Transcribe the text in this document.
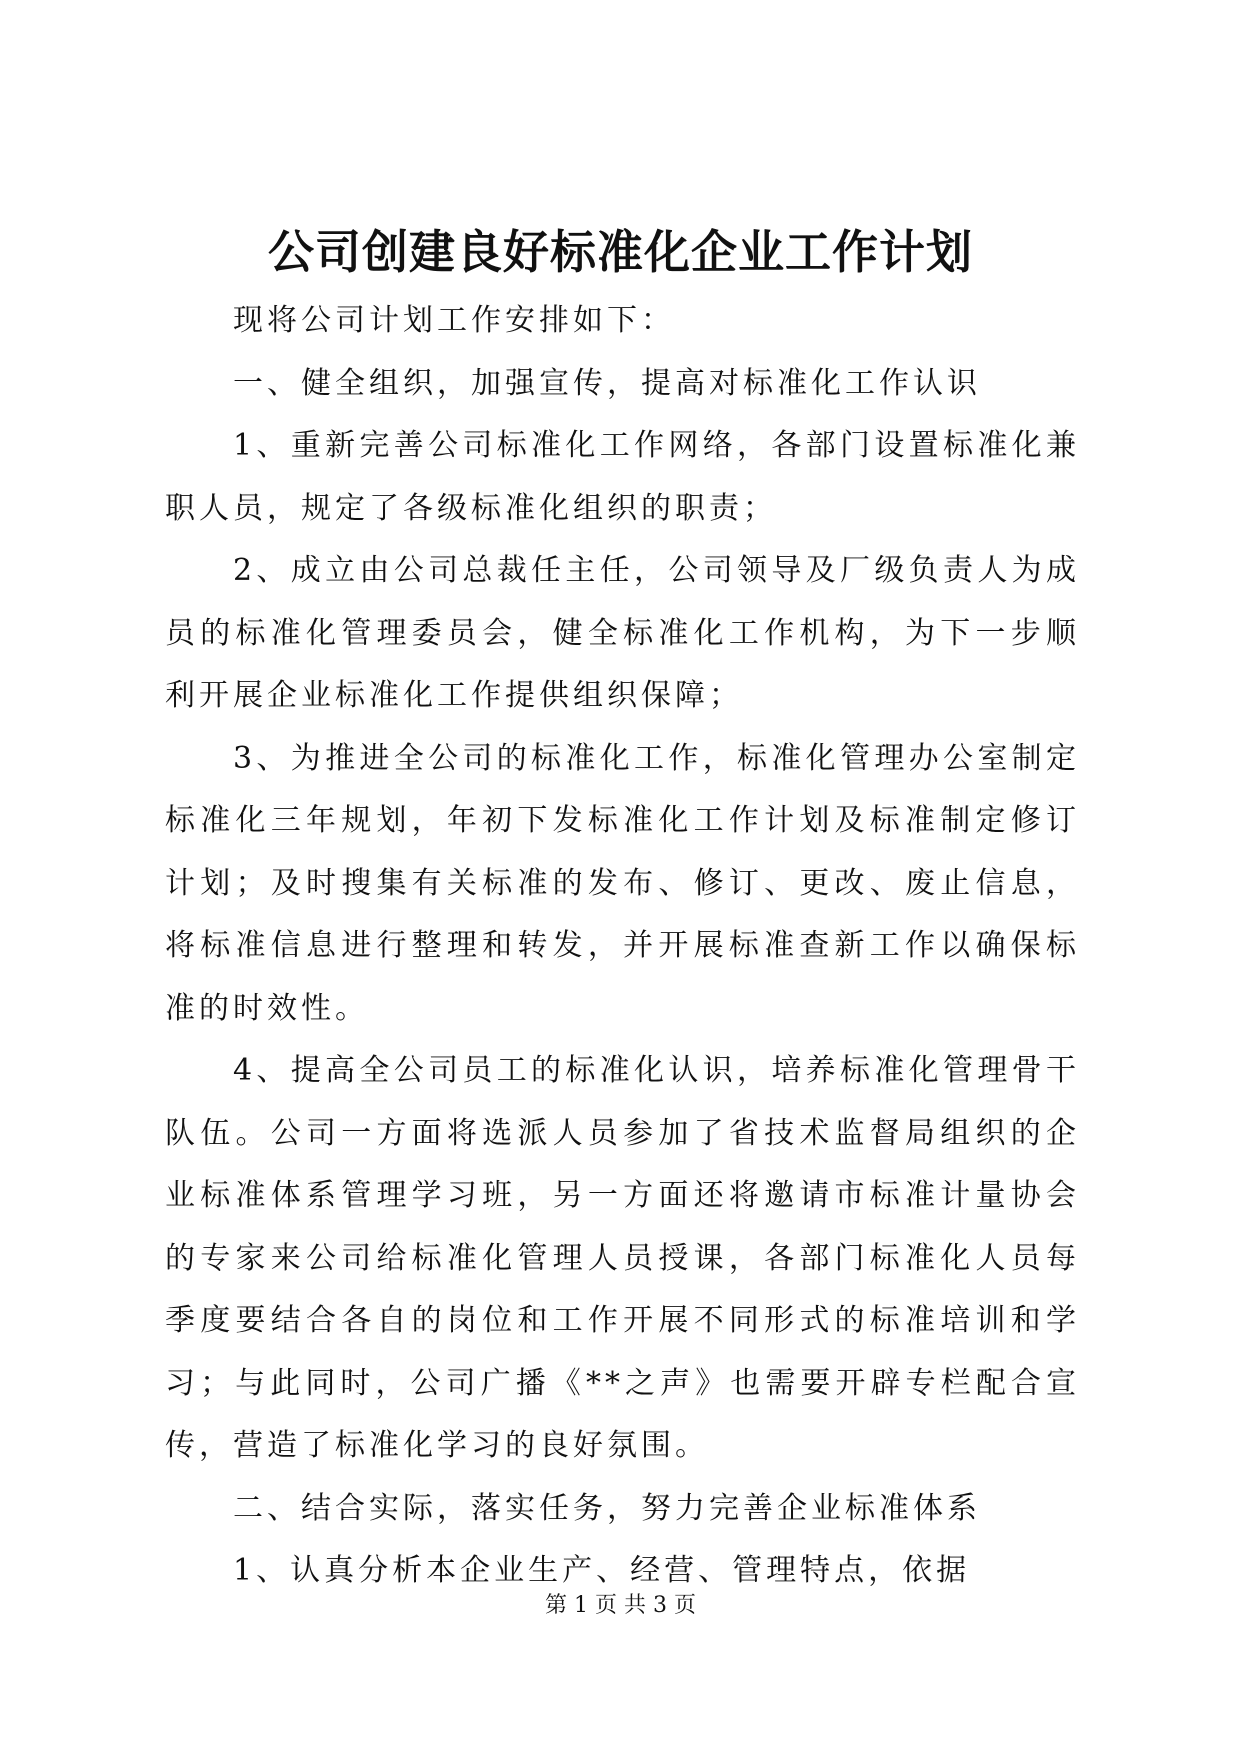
公司创建良好标准化企业工作计划

现将公司计划工作安排如下：

一、健全组织，加强宣传，提高对标准化工作认识

1、重新完善公司标准化工作网络，各部门设置标准化兼职人员，规定了各级标准化组织的职责；

2、成立由公司总裁任主任，公司领导及厂级负责人为成员的标准化管理委员会，健全标准化工作机构，为下一步顺利开展企业标准化工作提供组织保障；

3、为推进全公司的标准化工作，标准化管理办公室制定标准化三年规划，年初下发标准化工作计划及标准制定修订计划；及时搜集有关标准的发布、修订、更改、废止信息，将标准信息进行整理和转发，并开展标准查新工作以确保标准的时效性。

4、提高全公司员工的标准化认识，培养标准化管理骨干队伍。公司一方面将选派人员参加了省技术监督局组织的企业标准体系管理学习班，另一方面还将邀请市标准计量协会的专家来公司给标准化管理人员授课，各部门标准化人员每季度要结合各自的岗位和工作开展不同形式的标准培训和学习；与此同时，公司广播《**之声》也需要开辟专栏配合宣传，营造了标准化学习的良好氛围。

二、结合实际，落实任务，努力完善企业标准体系

1、认真分析本企业生产、经营、管理特点，依据

第 1 页 共 3 页
